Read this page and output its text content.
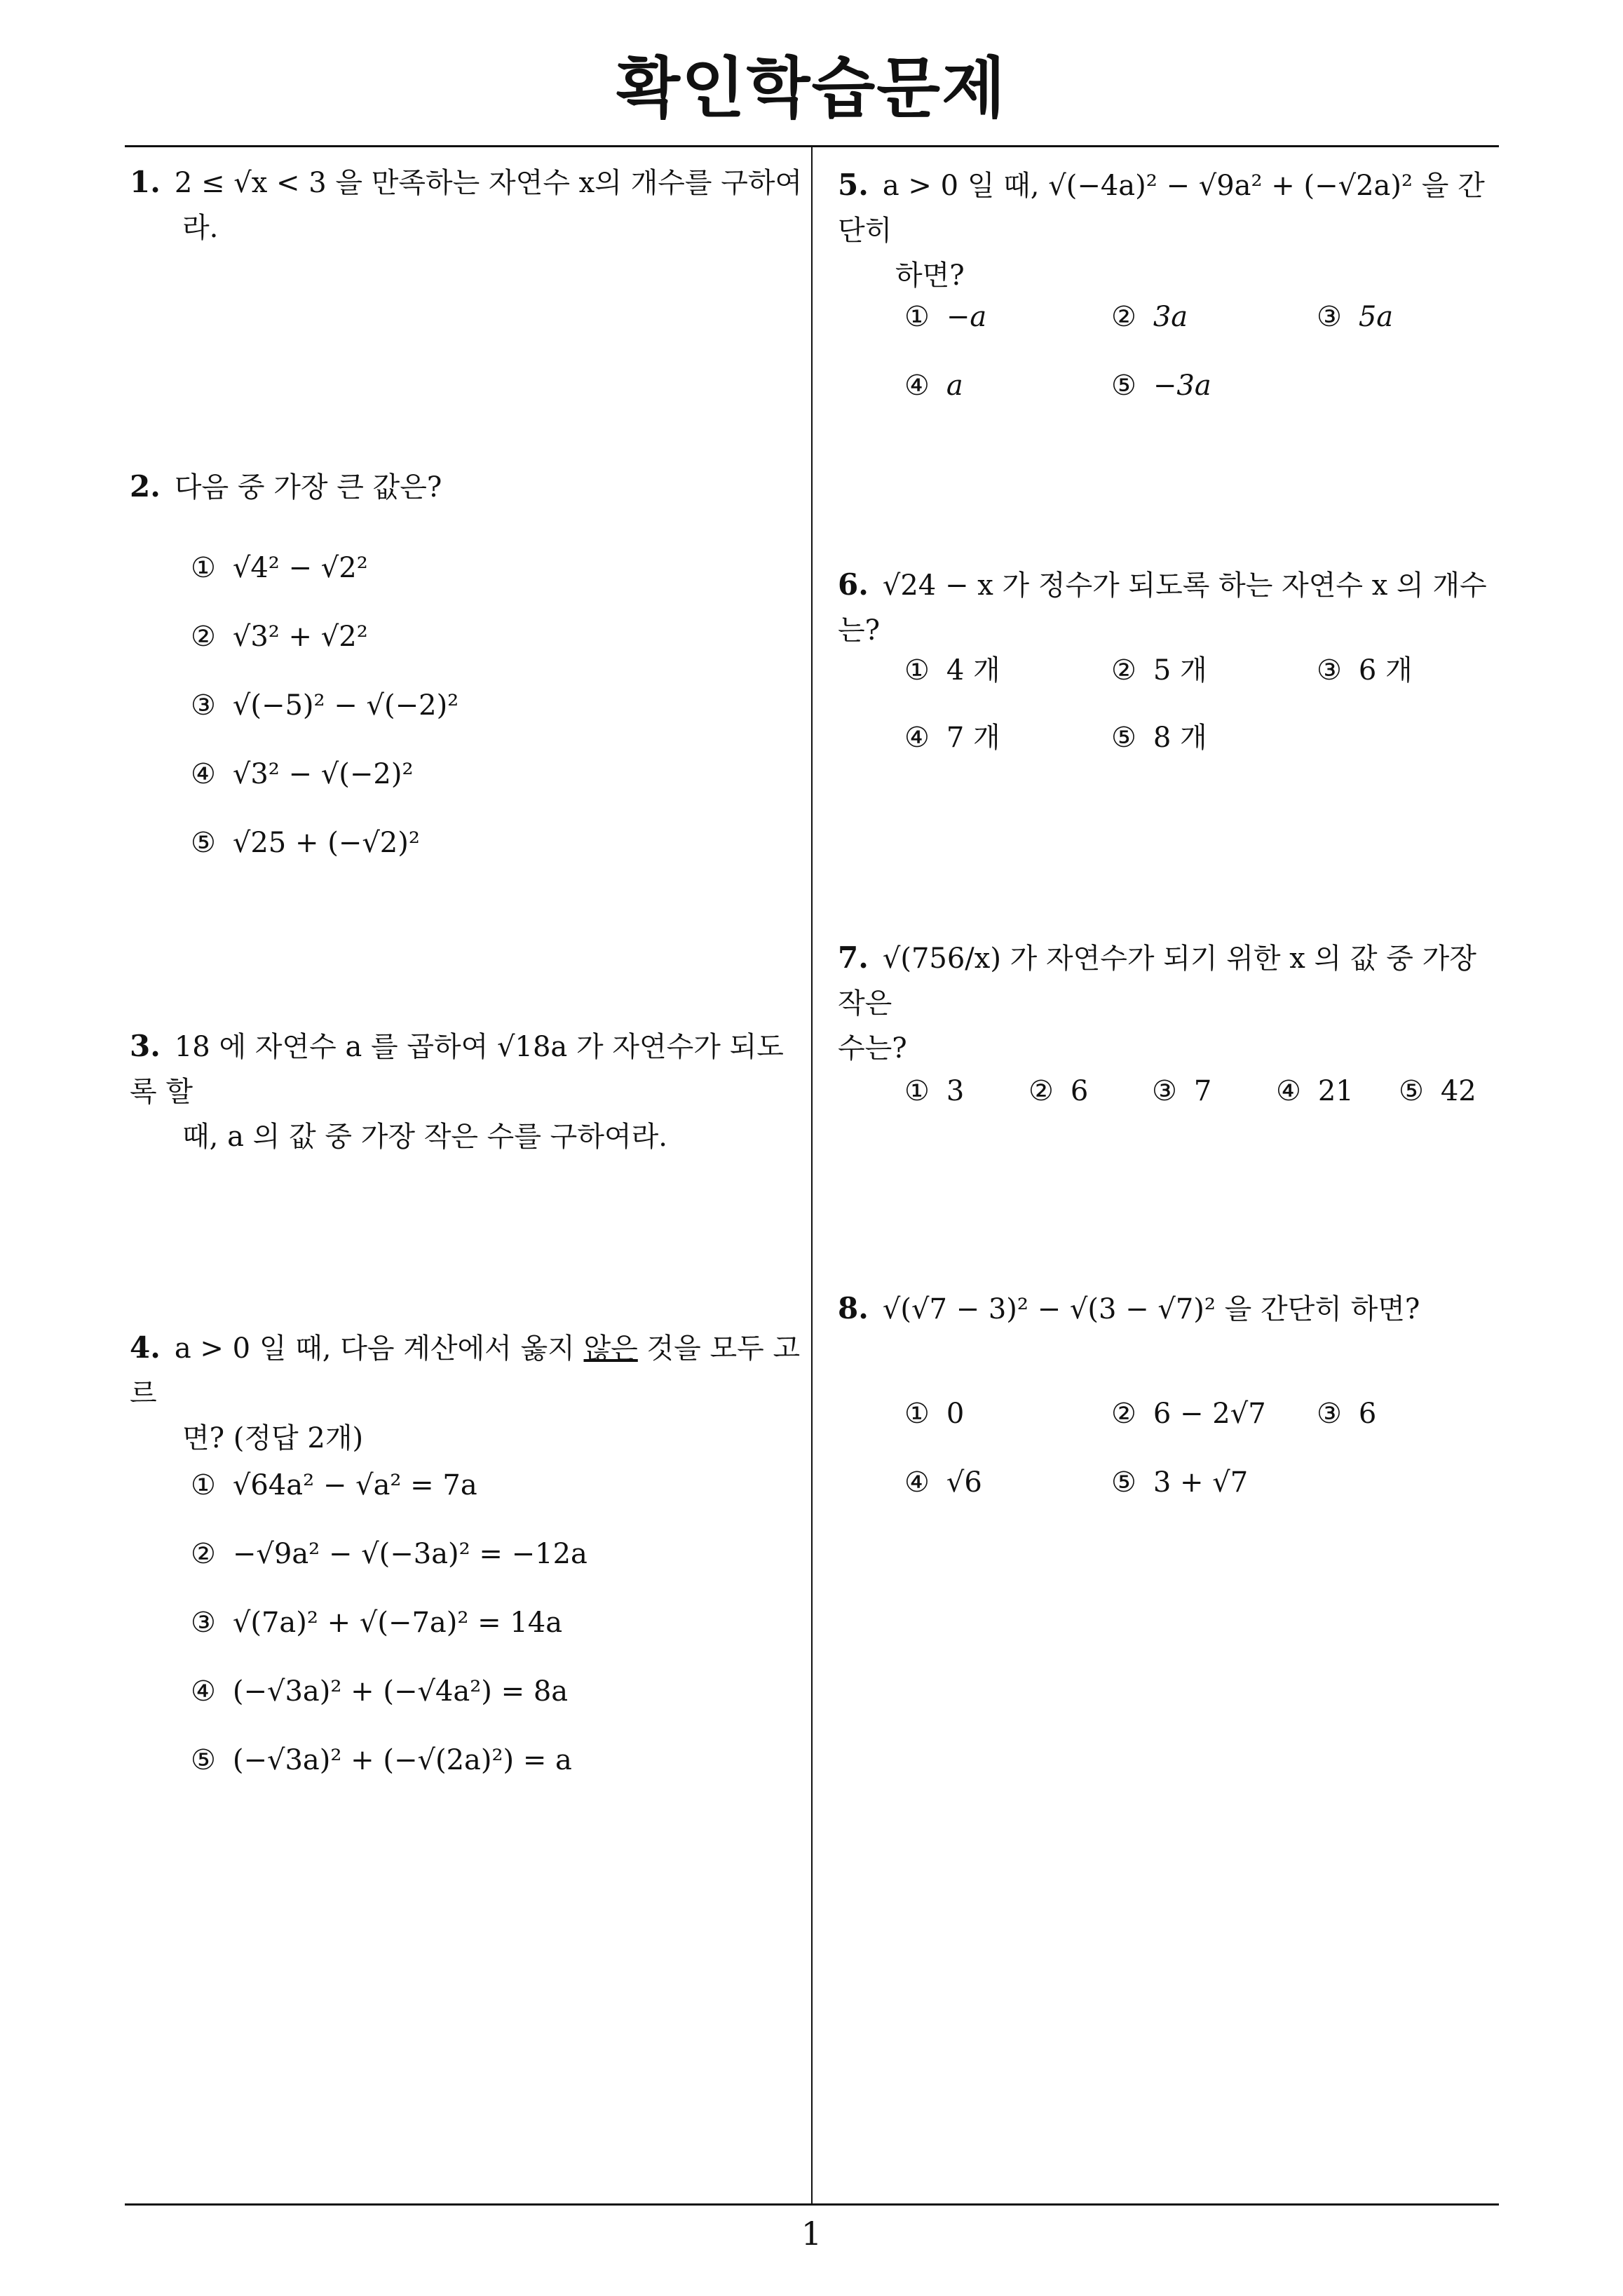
확인학습문제
1. 2 ≤ √x < 3 을 만족하는 자연수 x의 개수를 구하여
라.
2. 다음 중 가장 큰 값은?
① √4² − √2²
② √3² + √2²
③ √(−5)² − √(−2)²
④ √3² − √(−2)²
⑤ √25 + (−√2)²
3. 18 에 자연수 a 를 곱하여 √18a 가 자연수가 되도록 할
때, a 의 값 중 가장 작은 수를 구하여라.
4. a > 0 일 때, 다음 계산에서 옳지 않은 것을 모두 고르
면? (정답 2개)
① √64a² − √a² = 7a
② −√9a² − √(−3a)² = −12a
③ √(7a)² + √(−7a)² = 14a
④ (−√3a)² + (−√4a²) = 8a
⑤ (−√3a)² + (−√(2a)²) = a
5. a > 0 일 때, √(−4a)² − √9a² + (−√2a)² 을 간단히
하면?
① −a	② 3a	③ 5a
④ a	⑤ −3a
6. √24 − x 가 정수가 되도록 하는 자연수 x 의 개수는?
① 4 개	② 5 개	③ 6 개
④ 7 개	⑤ 8 개
7. √(756/x) 가 자연수가 되기 위한 x 의 값 중 가장 작은
수는?
① 3 ② 6 ③ 7 ④ 21 ⑤ 42
8. √(√7 − 3)² − √(3 − √7)² 을 간단히 하면?
① 0	② 6 − 2√7 ③ 6
④ √6	⑤ 3 + √7
1
